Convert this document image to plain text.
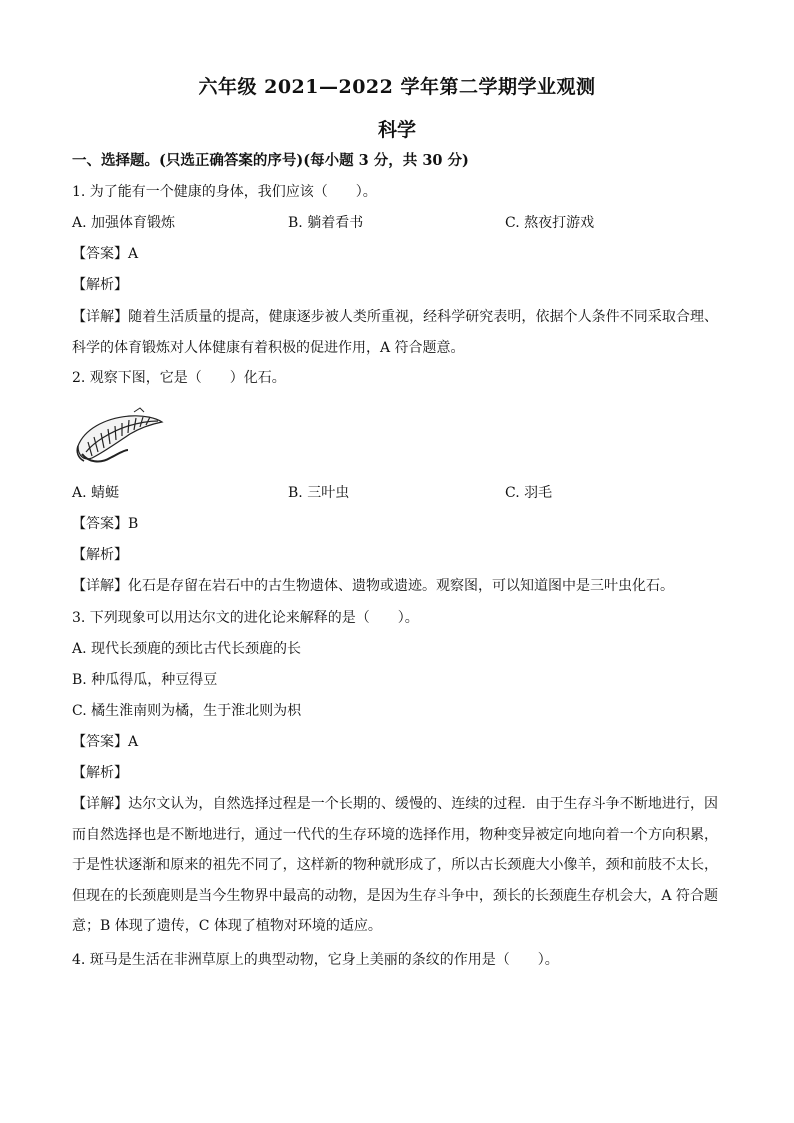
六年级 2021—2022 学年第二学期学业观测
科学
一、选择题。(只选正确答案的序号)(每小题 3 分，共 30 分)
1. 为了能有一个健康的身体，我们应该（　　）。
A. 加强体育锻炼	B. 躺着看书	C. 熬夜打游戏
【答案】A
【解析】
【详解】随着生活质量的提高，健康逐步被人类所重视，经科学研究表明，依据个人条件不同采取合理、科学的体育锻炼对人体健康有着积极的促进作用，A 符合题意。
2. 观察下图，它是（　　）化石。
A. 蜻蜓	B. 三叶虫	C. 羽毛
【答案】B
【解析】
【详解】化石是存留在岩石中的古生物遗体、遗物或遗迹。观察图，可以知道图中是三叶虫化石。
3. 下列现象可以用达尔文的进化论来解释的是（　　）。
A. 现代长颈鹿的颈比古代长颈鹿的长
B. 种瓜得瓜，种豆得豆
C. 橘生淮南则为橘，生于淮北则为枳
【答案】A
【解析】
【详解】达尔文认为，自然选择过程是一个长期的、缓慢的、连续的过程．由于生存斗争不断地进行，因而自然选择也是不断地进行，通过一代代的生存环境的选择作用，物种变异被定向地向着一个方向积累，于是性状逐渐和原来的祖先不同了，这样新的物种就形成了，所以古长颈鹿大小像羊，颈和前肢不太长，但现在的长颈鹿则是当今生物界中最高的动物，是因为生存斗争中，颈长的长颈鹿生存机会大，A 符合题意；B 体现了遗传，C 体现了植物对环境的适应。
4. 斑马是生活在非洲草原上的典型动物，它身上美丽的条纹的作用是（　　）。
